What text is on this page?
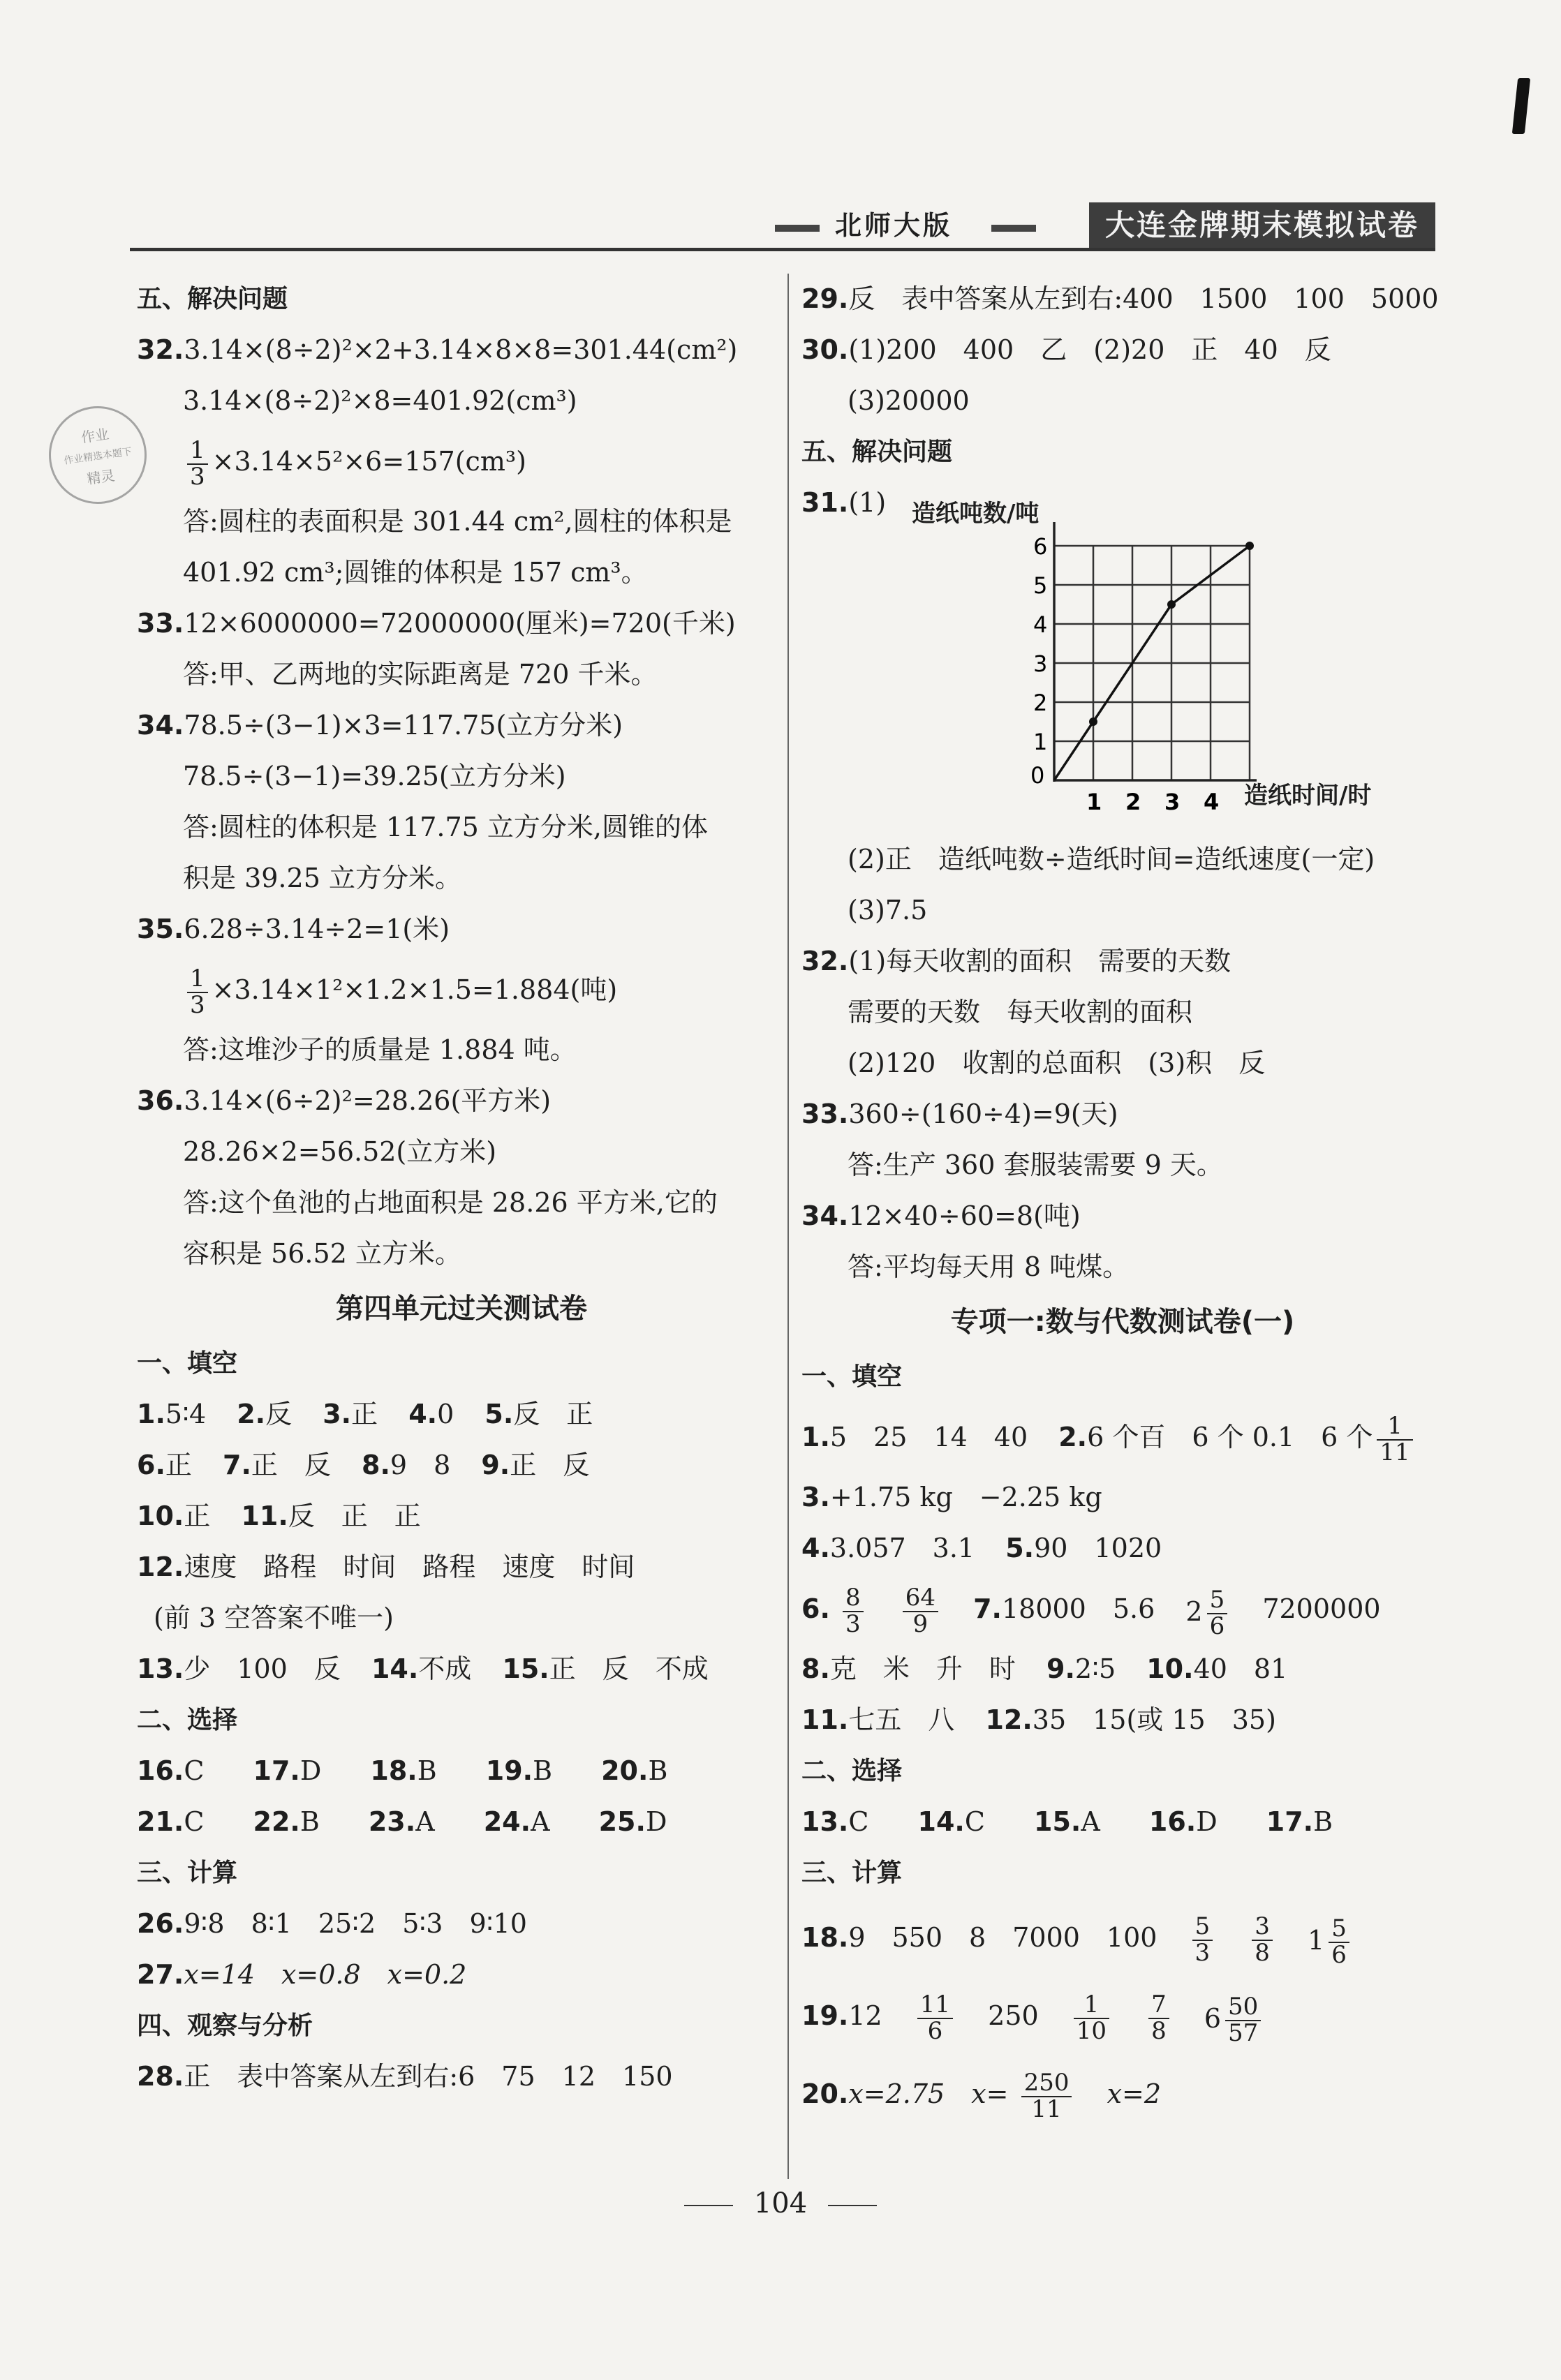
北师大版	大连金牌期末模拟试卷
作业
作业精选本题下
精灵
五、解决问题
32.3.14×(8÷2)²×2+3.14×8×8=301.44(cm²)
3.14×(8÷2)²×8=401.92(cm³)
$\frac{1}{3} \times 3.14\times 5^2\times 6=157(cm^3)$
答:圆柱的表面积是 301.44 cm²,圆柱的体积是
401.92 cm³;圆锥的体积是 157 cm³。
33.12×6000000=72000000(厘米)=720(千米)
答:甲、乙两地的实际距离是 720 千米。
34.78.5÷(3−1)×3=117.75(立方分米)
78.5÷(3−1)=39.25(立方分米)
答:圆柱的体积是 117.75 立方分米,圆锥的体
积是 39.25 立方分米。
35.6.28÷3.14÷2=1(米)
$\frac{1}{3} \times 3.14\times 1^2\times 1.2\times 1.5=1.884$(吨)
答:这堆沙子的质量是 1.884 吨。
36.3.14×(6÷2)²=28.26(平方米)
28.26×2=56.52(立方米)
答:这个鱼池的占地面积是 28.26 平方米,它的
容积是 56.52 立方米。
第四单元过关测试卷
一、填空
1.5∶4 2.反 3.正 4.0 5.反　正
6.正 7.正　反 8.9　8 9.正　反
10.正 11.反　正　正
12.速度　路程　时间　路程　速度　时间
(前 3 空答案不唯一)
13.少　100　反 14.不成 15.正　反　不成
二、选择
16.C 17.D 18.B 19.B 20.B
21.C 22.B 23.A 24.A 25.D
三、计算
26.9∶8　8∶1　25∶2　5∶3　9∶10
27.x=14　x=0.8　x=0.2
四、观察与分析
28.正　表中答案从左到右:6　75　12　150
29.反　表中答案从左到右:400　1500　100　5000
30.(1)200　400　乙　(2)20　正　40　反
(3)20000
五、解决问题
31.(1)
(2)正　造纸吨数÷造纸时间=造纸速度(一定)
(3)7.5
32.(1)每天收割的面积　需要的天数
需要的天数　每天收割的面积
(2)120　收割的总面积　(3)积　反
33.360÷(160÷4)=9(天)
答:生产 360 套服装需要 9 天。
34.12×40÷60=8(吨)
答:平均每天用 8 吨煤。
专项一:数与代数测试卷(一)
一、填空
1.5　25　14　40 2.6 个百　6 个 0.1　6 个 $\frac{1}{11}$
3.+1.75 kg　−2.25 kg
4.3.057　3.1 5.90　1020
6. $\frac{8}{3}$
$\frac{64}{9} 7.18000$　5.6 $2 \frac{5}{6} 7200000$
8.克　米　升　时 9.2∶5 10.40　81
11.七五　八 12.35　15(或 15　35)
二、选择
13.C 14.C 15.A 16.D 17.B
三、计算
18.9　550　8　7000　$100 \frac{5}{3}$
$\frac{3}{8} 1 \frac{5}{6}$
$19.12 \frac{11}{6} 250 \frac{1}{10}$
$\frac{7}{8} 6 \frac{50}{57}$
20.x=2.75　$x= \frac{250}{11} x=2$
造纸吨数/吨
0
1 2 3 4
1
2
3
4
5
6
造纸时间/时
104
